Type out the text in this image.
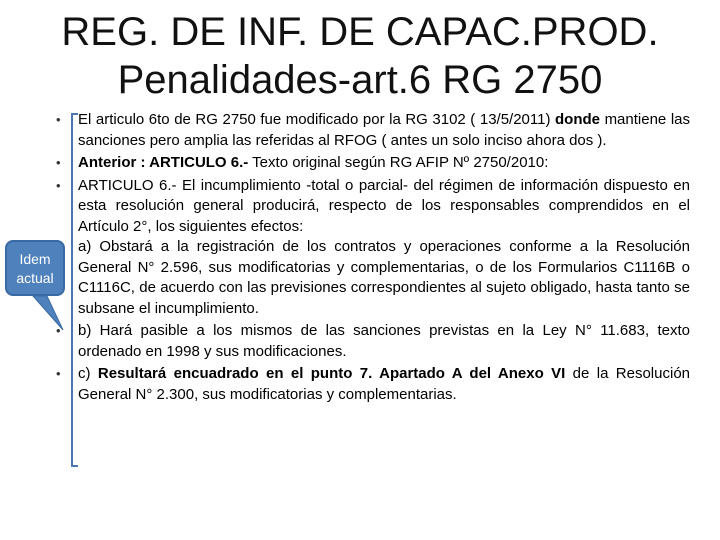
REG. DE INF. DE CAPAC.PROD.
Penalidades-art.6 RG 2750
Idem
actual
• El articulo 6to de RG 2750 fue modificado por la RG 3102 ( 13/5/2011) donde mantiene las sanciones pero amplia las referidas al RFOG ( antes un solo inciso ahora dos ).

• Anterior : ARTICULO 6.- Texto original según RG AFIP Nº 2750/2010:

• ARTICULO 6.- El incumplimiento -total o parcial- del régimen de información dispuesto en esta resolución general producirá, respecto de los responsables comprendidos en el Artículo 2°, los siguientes efectos:

a) Obstará a la registración de los contratos y operaciones conforme a la Resolución General N° 2.596, sus modificatorias y complementarias, o de los Formularios C1116B o C1116C, de acuerdo con las previsiones correspondientes al sujeto obligado, hasta tanto se subsane el incumplimiento.

• b) Hará pasible a los mismos de las sanciones previstas en la Ley N° 11.683, texto ordenado en 1998 y sus modificaciones.

• c) Resultará encuadrado en el punto 7. Apartado A del Anexo VI de la Resolución General N° 2.300, sus modificatorias y complementarias.
